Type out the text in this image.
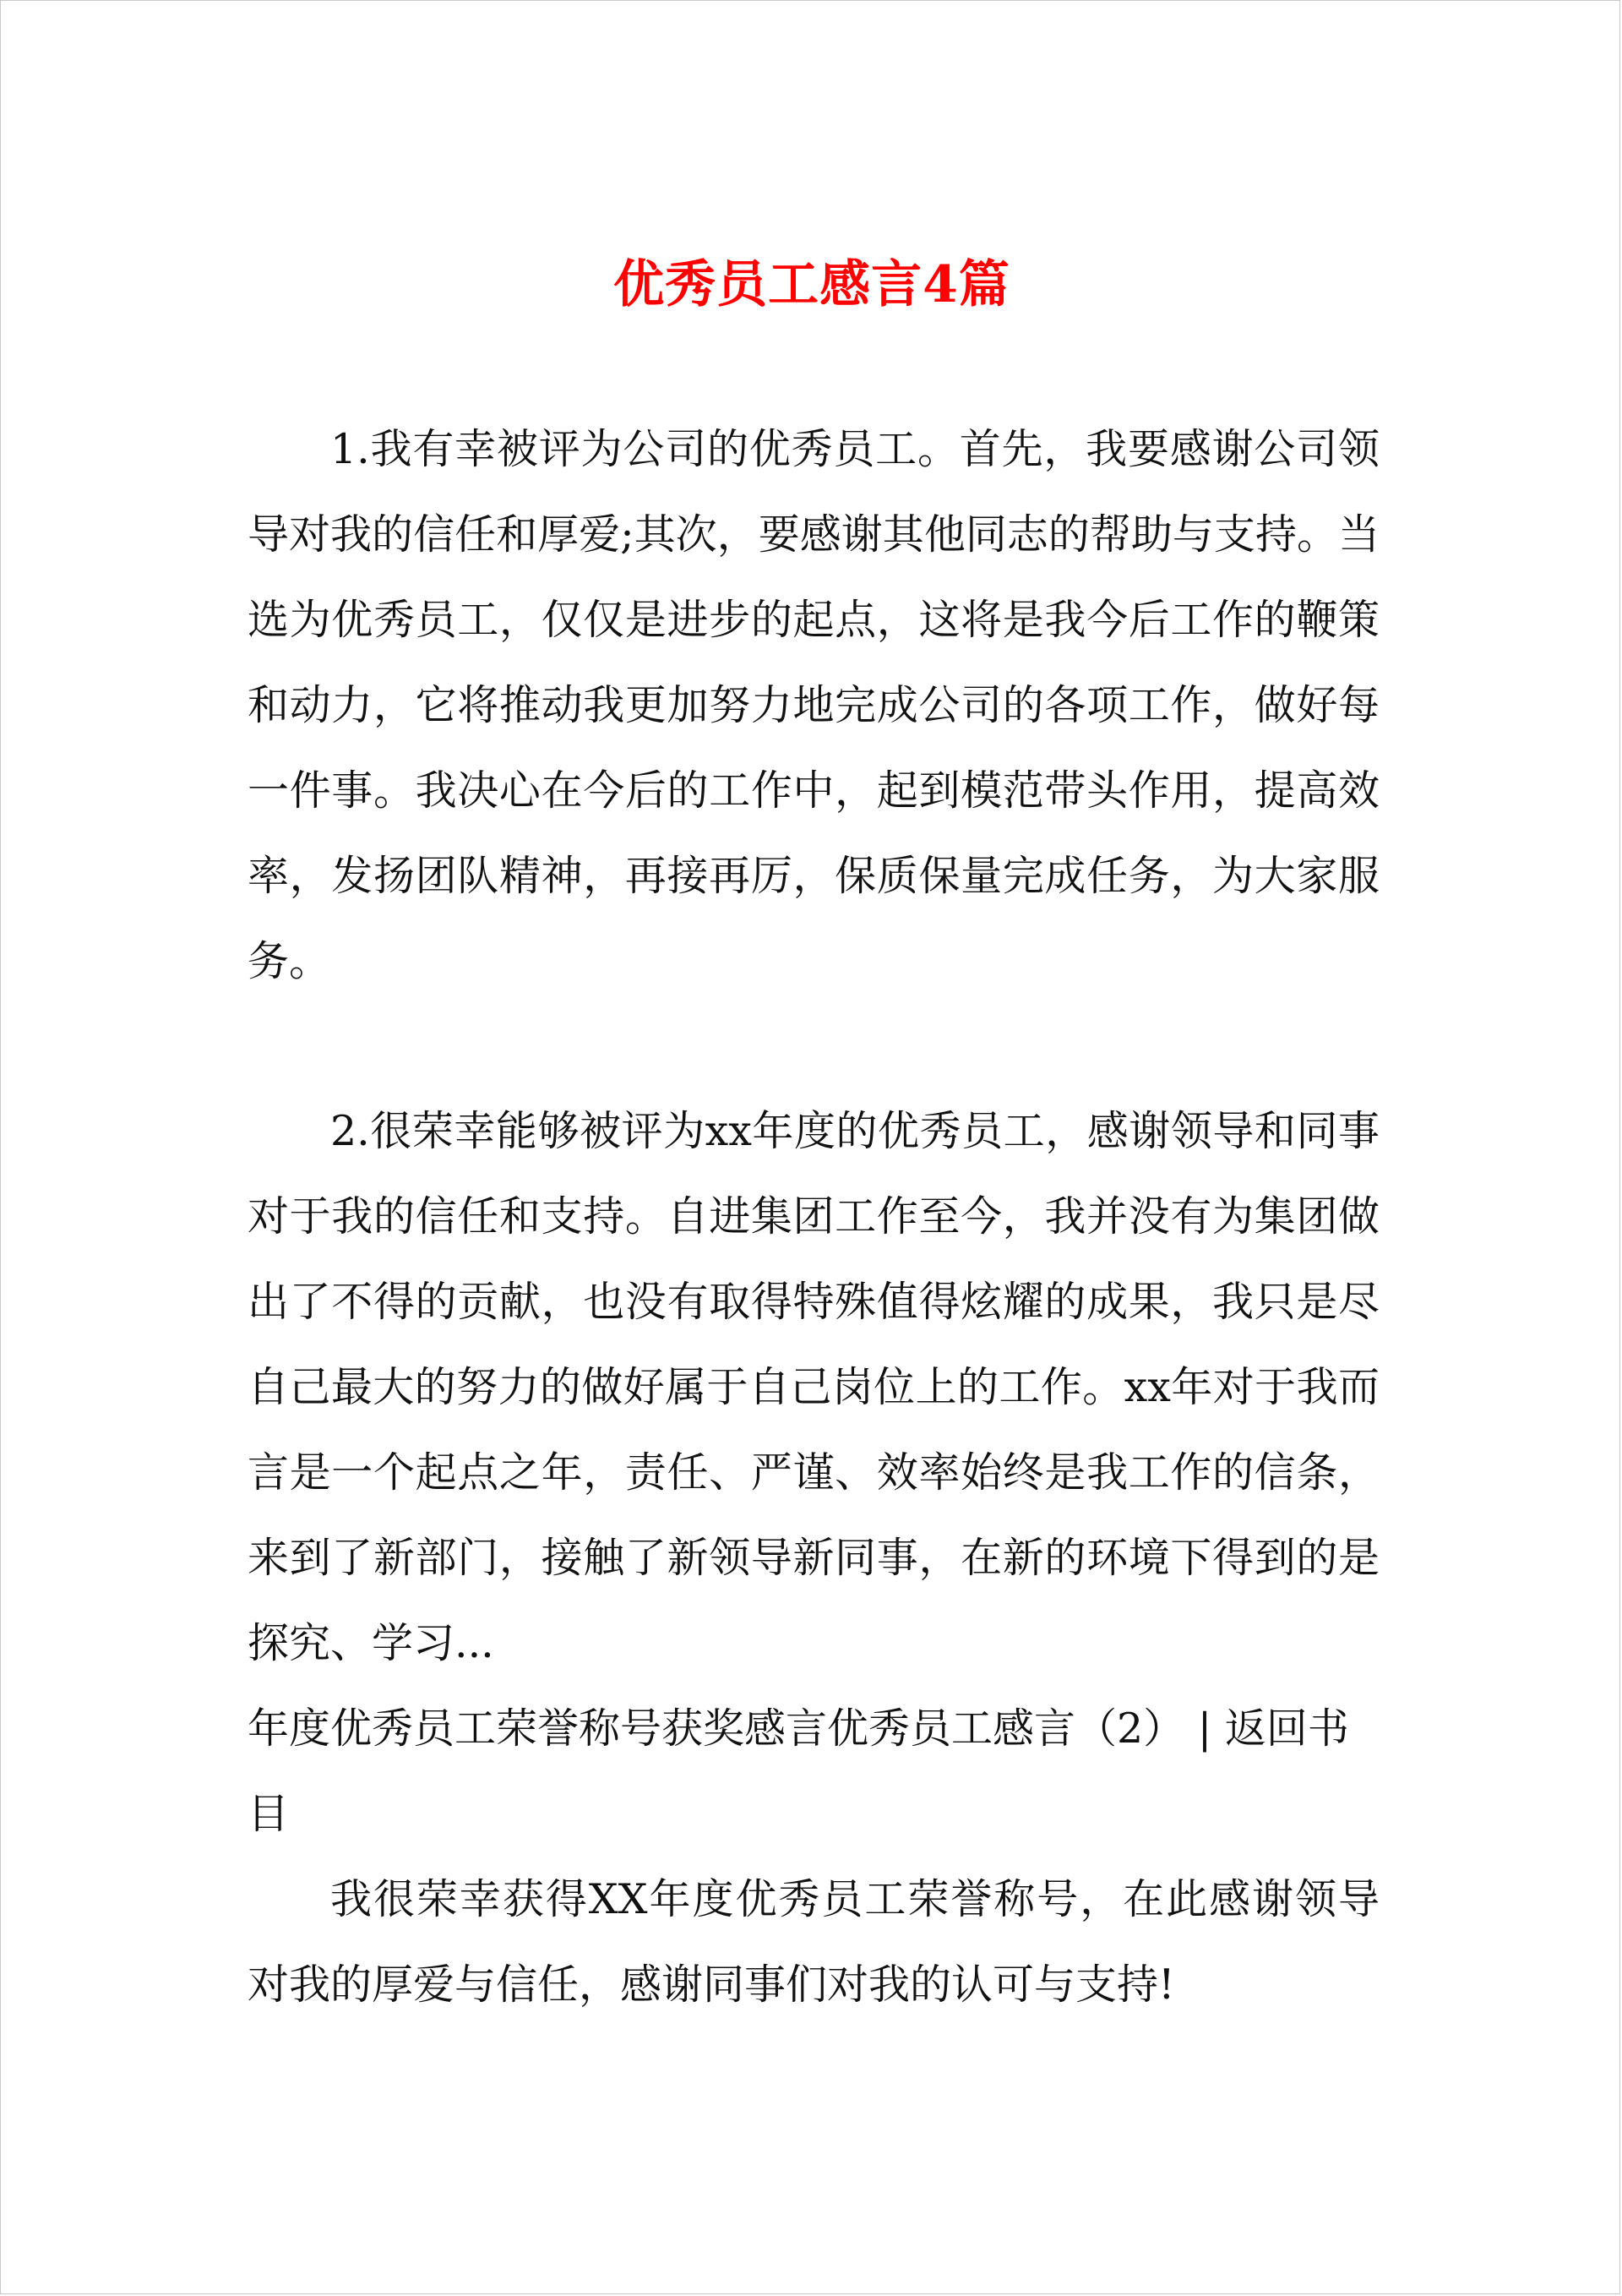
优秀员工感言4篇

1.我有幸被评为公司的优秀员工。首先，我要感谢公司领导对我的信任和厚爱;其次，要感谢其他同志的帮助与支持。当选为优秀员工，仅仅是进步的起点，这将是我今后工作的鞭策和动力，它将推动我更加努力地完成公司的各项工作，做好每一件事。我决心在今后的工作中，起到模范带头作用，提高效率，发扬团队精神，再接再厉，保质保量完成任务，为大家服务。

2.很荣幸能够被评为xx年度的优秀员工，感谢领导和同事对于我的信任和支持。自进集团工作至今，我并没有为集团做出了不得的贡献，也没有取得特殊值得炫耀的成果，我只是尽自己最大的努力的做好属于自己岗位上的工作。xx年对于我而言是一个起点之年，责任、严谨、效率始终是我工作的信条，来到了新部门，接触了新领导新同事，在新的环境下得到的是探究、学习...

年度优秀员工荣誉称号获奖感言优秀员工感言（2） | 返回书目

我很荣幸获得XX年度优秀员工荣誉称号，在此感谢领导对我的厚爱与信任，感谢同事们对我的认可与支持!
